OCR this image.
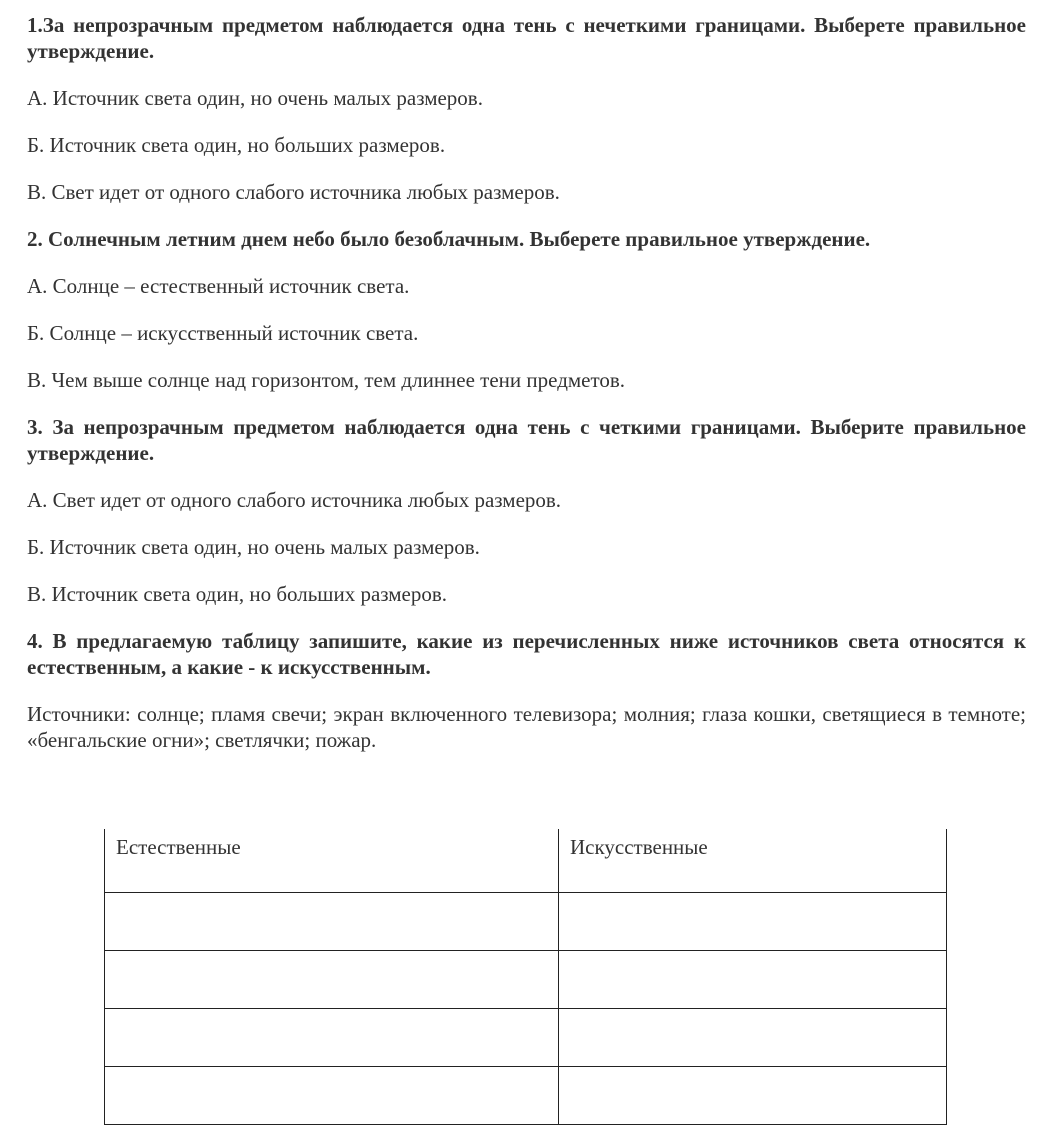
1.За непрозрачным предметом наблюдается одна тень с нечеткими границами. Выберете правильное утверждение.

А. Источник света один, но очень малых размеров.

Б. Источник света один, но больших размеров.

В. Свет идет от одного слабого источника любых размеров.

2. Солнечным летним днем небо было безоблачным. Выберете правильное утверждение.

А. Солнце – естественный источник света.

Б. Солнце – искусственный источник света.

В. Чем выше солнце над горизонтом, тем длиннее тени предметов.

3. За непрозрачным предметом наблюдается одна тень с четкими границами. Выберите правильное утверждение.

А. Свет идет от одного слабого источника любых размеров.

Б. Источник света один, но очень малых размеров.

В. Источник света один, но больших размеров.

4. В предлагаемую таблицу запишите, какие из перечисленных ниже источников света относятся к естественным, а какие - к искусственным.

Источники: солнце; пламя свечи; экран включенного телевизора; молния; глаза кошки, светящиеся в темноте; «бенгальские огни»; светлячки; пожар.

Естественные	Искусственные
